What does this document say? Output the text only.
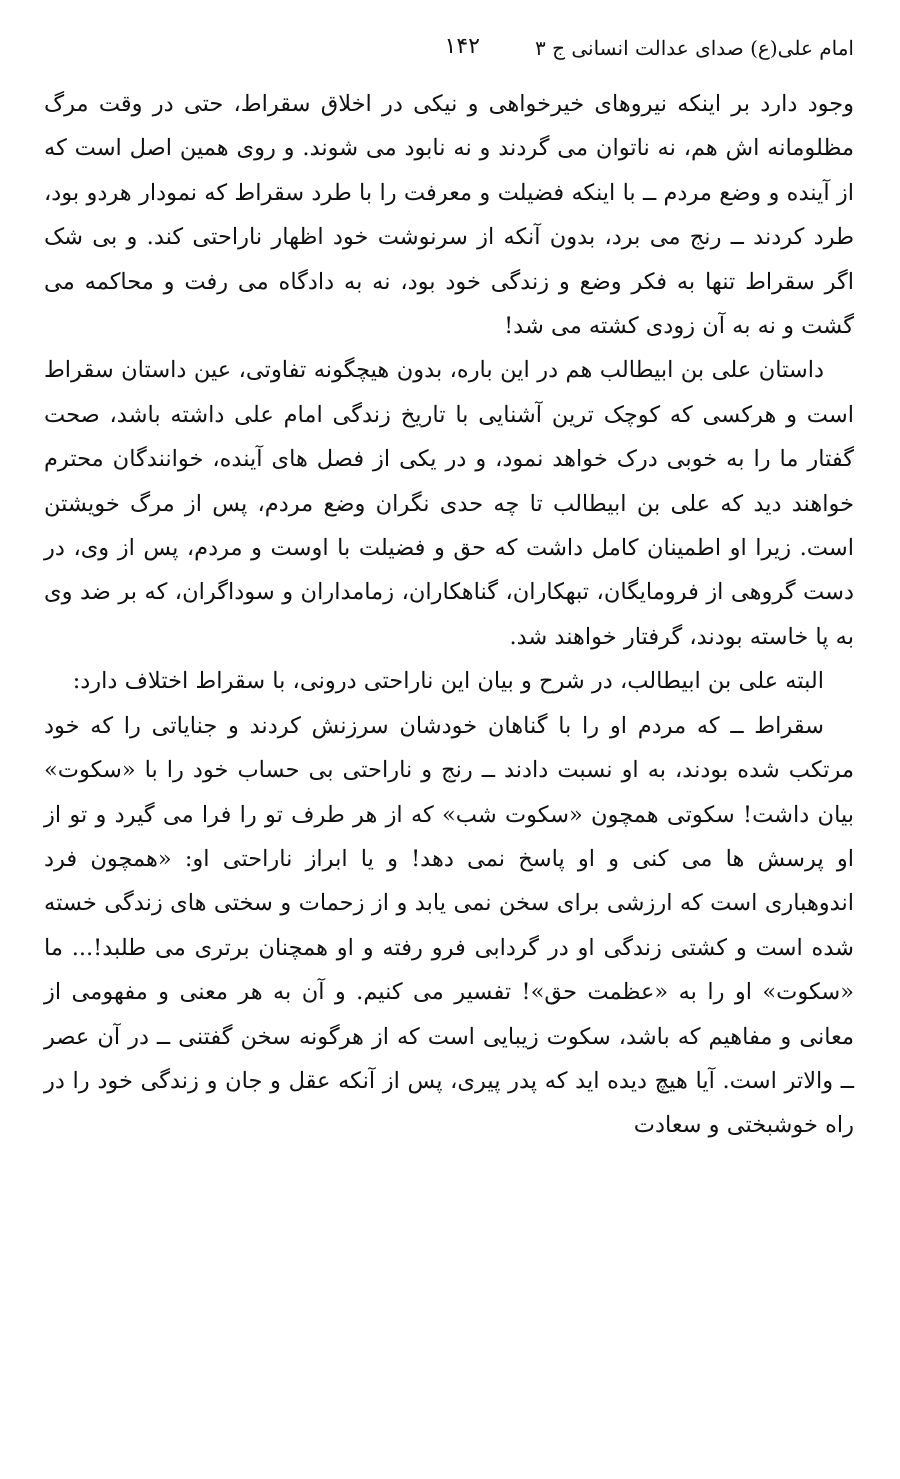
امام علی(ع) صدای عدالت انسانی ج ۳
۱۴۲

وجود دارد بر اینکه نیروهای خیرخواهی و نیکی در اخلاق سقراط، حتی در وقت مرگ مظلومانه اش هم، نه ناتوان می گردند و نه نابود می شوند. و روی همین اصل است که از آینده و وضع مردم ــ با اینکه فضیلت و معرفت را با طرد سقراط که نمودار هردو بود، طرد کردند ــ رنج می برد، بدون آنکه از سرنوشت خود اظهار ناراحتی کند. و بی شک اگر سقراط تنها به فکر وضع و زندگی خود بود، نه به دادگاه می رفت و محاکمه می گشت و نه به آن زودی کشته می شد!

داستان علی بن ابیطالب هم در این باره، بدون هیچگونه تفاوتی، عین داستان سقراط است و هرکسی که کوچک ترین آشنایی با تاریخ زندگی امام علی داشته باشد، صحت گفتار ما را به خوبی درک خواهد نمود، و در یکی از فصل های آینده، خوانندگان محترم خواهند دید که علی بن ابیطالب تا چه حدی نگران وضع مردم، پس از مرگ خویشتن است. زیرا او اطمینان کامل داشت که حق و فضیلت با اوست و مردم، پس از وی، در دست گروهی از فرومایگان، تبهکاران، گناهکاران، زمامداران و سوداگران، که بر ضد وی به پا خاسته بودند، گرفتار خواهند شد.

البته علی بن ابیطالب، در شرح و بیان این ناراحتی درونی، با سقراط اختلاف دارد:

سقراط ــ که مردم او را با گناهان خودشان سرزنش کردند و جنایاتی را که خود مرتکب شده بودند، به او نسبت دادند ــ رنج و ناراحتی بی حساب خود را با «سکوت» بیان داشت! سکوتی همچون «سکوت شب» که از هر طرف تو را فرا می گیرد و تو از او پرسش ها می کنی و او پاسخ نمی دهد! و یا ابراز ناراحتی او: «همچون فرد اندوهباری است که ارزشی برای سخن نمی یابد و از زحمات و سختی های زندگی خسته شده است و کشتی زندگی او در گردابی فرو رفته و او همچنان برتری می طلبد!... ما «سکوت» او را به «عظمت حق»! تفسیر می کنیم. و آن به هر معنی و مفهومی از معانی و مفاهیم که باشد، سکوت زیبایی است که از هرگونه سخن گفتنی ــ در آن عصر ــ والاتر است. آیا هیچ دیده اید که پدر پیری، پس از آنکه عقل و جان و زندگی خود را در راه خوشبختی و سعادت
